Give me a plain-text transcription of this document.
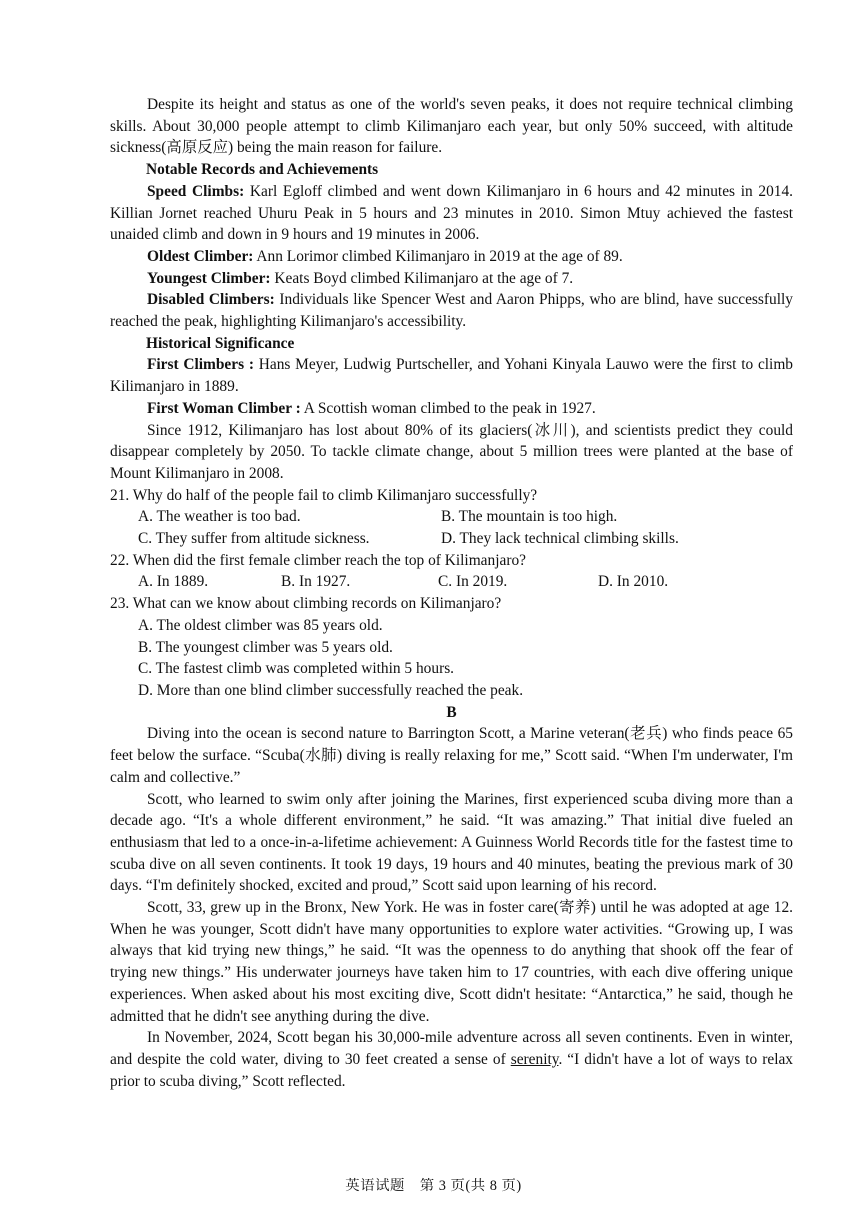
Despite its height and status as one of the world's seven peaks, it does not require technical climbing skills. About 30,000 people attempt to climb Kilimanjaro each year, but only 50% succeed, with altitude sickness(高原反应) being the main reason for failure.

Notable Records and Achievements

Speed Climbs: Karl Egloff climbed and went down Kilimanjaro in 6 hours and 42 minutes in 2014. Killian Jornet reached Uhuru Peak in 5 hours and 23 minutes in 2010. Simon Mtuy achieved the fastest unaided climb and down in 9 hours and 19 minutes in 2006.

Oldest Climber: Ann Lorimor climbed Kilimanjaro in 2019 at the age of 89.

Youngest Climber: Keats Boyd climbed Kilimanjaro at the age of 7.

Disabled Climbers: Individuals like Spencer West and Aaron Phipps, who are blind, have successfully reached the peak, highlighting Kilimanjaro's accessibility.

Historical Significance

First Climbers : Hans Meyer, Ludwig Purtscheller, and Yohani Kinyala Lauwo were the first to climb Kilimanjaro in 1889.

First Woman Climber : A Scottish woman climbed to the peak in 1927.

Since 1912, Kilimanjaro has lost about 80% of its glaciers(冰川), and scientists predict they could disappear completely by 2050. To tackle climate change, about 5 million trees were planted at the base of Mount Kilimanjaro in 2008.

21. Why do half of the people fail to climb Kilimanjaro successfully?

A. The weather is too bad.	B. The mountain is too high.
C. They suffer from altitude sickness.	D. They lack technical climbing skills.

22. When did the first female climber reach the top of Kilimanjaro?

A. In 1889.	B. In 1927.	C. In 2019.	D. In 2010.

23. What can we know about climbing records on Kilimanjaro?

A. The oldest climber was 85 years old.
B. The youngest climber was 5 years old.
C. The fastest climb was completed within 5 hours.
D. More than one blind climber successfully reached the peak.

B

Diving into the ocean is second nature to Barrington Scott, a Marine veteran(老兵) who finds peace 65 feet below the surface. “Scuba(水肺) diving is really relaxing for me,” Scott said. “When I'm underwater, I'm calm and collective.”

Scott, who learned to swim only after joining the Marines, first experienced scuba diving more than a decade ago. “It's a whole different environment,” he said. “It was amazing.” That initial dive fueled an enthusiasm that led to a once-in-a-lifetime achievement: A Guinness World Records title for the fastest time to scuba dive on all seven continents. It took 19 days, 19 hours and 40 minutes, beating the previous mark of 30 days. “I'm definitely shocked, excited and proud,” Scott said upon learning of his record.

Scott, 33, grew up in the Bronx, New York. He was in foster care(寄养) until he was adopted at age 12. When he was younger, Scott didn't have many opportunities to explore water activities. “Growing up, I was always that kid trying new things,” he said. “It was the openness to do anything that shook off the fear of trying new things.” His underwater journeys have taken him to 17 countries, with each dive offering unique experiences. When asked about his most exciting dive, Scott didn't hesitate: “Antarctica,” he said, though he admitted that he didn't see anything during the dive.

In November, 2024, Scott began his 30,000-mile adventure across all seven continents. Even in winter, and despite the cold water, diving to 30 feet created a sense of serenity. “I didn't have a lot of ways to relax prior to scuba diving,” Scott reflected.

英语试题　第 3 页(共 8 页)
